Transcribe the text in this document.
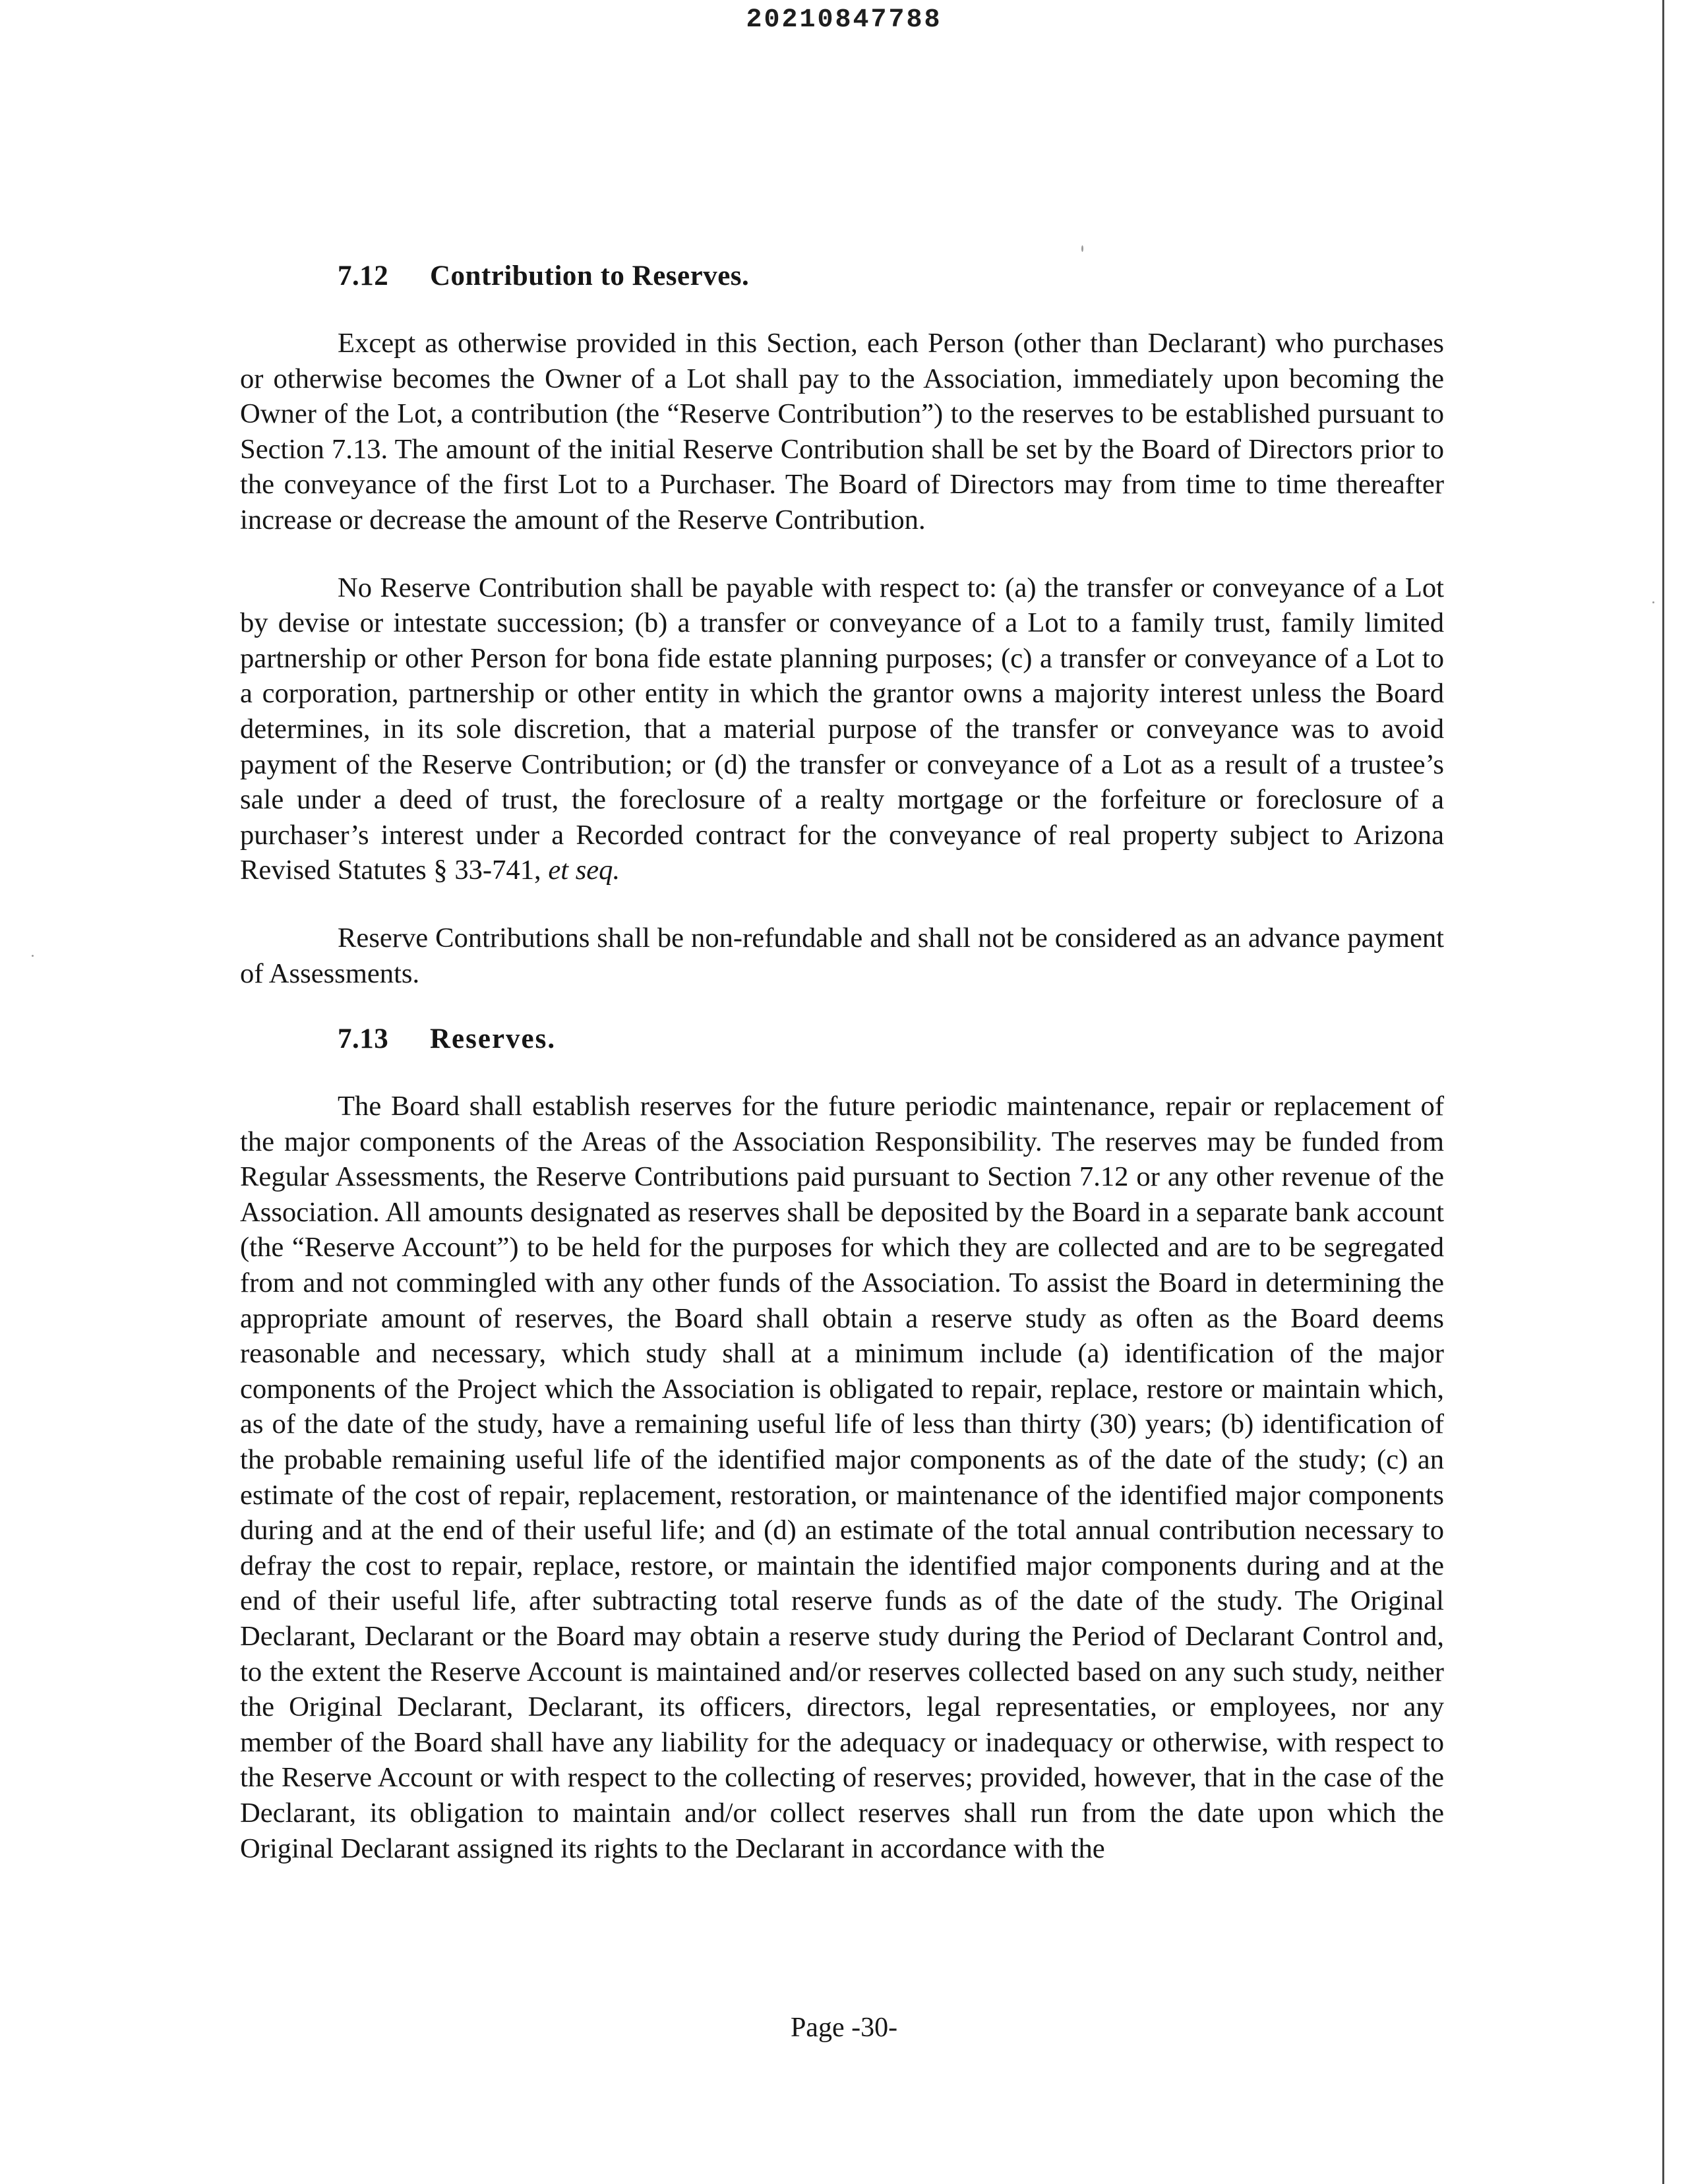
20210847788
7.12 Contribution to Reserves.

Except as otherwise provided in this Section, each Person (other than Declarant) who purchases or otherwise becomes the Owner of a Lot shall pay to the Association, immediately upon becoming the Owner of the Lot, a contribution (the “Reserve Contribution”) to the reserves to be established pursuant to Section 7.13. The amount of the initial Reserve Contribution shall be set by the Board of Directors prior to the conveyance of the first Lot to a Purchaser. The Board of Directors may from time to time thereafter increase or decrease the amount of the Reserve Contribution.

No Reserve Contribution shall be payable with respect to: (a) the transfer or conveyance of a Lot by devise or intestate succession; (b) a transfer or conveyance of a Lot to a family trust, family limited partnership or other Person for bona fide estate planning purposes; (c) a transfer or conveyance of a Lot to a corporation, partnership or other entity in which the grantor owns a majority interest unless the Board determines, in its sole discretion, that a material purpose of the transfer or conveyance was to avoid payment of the Reserve Contribution; or (d) the transfer or conveyance of a Lot as a result of a trustee’s sale under a deed of trust, the foreclosure of a realty mortgage or the forfeiture or foreclosure of a purchaser’s interest under a Recorded contract for the conveyance of real property subject to Arizona Revised Statutes § 33-741, et seq.

Reserve Contributions shall be non-refundable and shall not be considered as an advance payment of Assessments.

7.13 Reserves.

The Board shall establish reserves for the future periodic maintenance, repair or replacement of the major components of the Areas of the Association Responsibility. The reserves may be funded from Regular Assessments, the Reserve Contributions paid pursuant to Section 7.12 or any other revenue of the Association. All amounts designated as reserves shall be deposited by the Board in a separate bank account (the “Reserve Account”) to be held for the purposes for which they are collected and are to be segregated from and not commingled with any other funds of the Association. To assist the Board in determining the appropriate amount of reserves, the Board shall obtain a reserve study as often as the Board deems reasonable and necessary, which study shall at a minimum include (a) identification of the major components of the Project which the Association is obligated to repair, replace, restore or maintain which, as of the date of the study, have a remaining useful life of less than thirty (30) years; (b) identification of the probable remaining useful life of the identified major components as of the date of the study; (c) an estimate of the cost of repair, replacement, restoration, or maintenance of the identified major components during and at the end of their useful life; and (d) an estimate of the total annual contribution necessary to defray the cost to repair, replace, restore, or maintain the identified major components during and at the end of their useful life, after subtracting total reserve funds as of the date of the study. The Original Declarant, Declarant or the Board may obtain a reserve study during the Period of Declarant Control and, to the extent the Reserve Account is maintained and/or reserves collected based on any such study, neither the Original Declarant, Declarant, its officers, directors, legal representaties, or employees, nor any member of the Board shall have any liability for the adequacy or inadequacy or otherwise, with respect to the Reserve Account or with respect to the collecting of reserves; provided, however, that in the case of the Declarant, its obligation to maintain and/or collect reserves shall run from the date upon which the Original Declarant assigned its rights to the Declarant in accordance with the

Page -30-
